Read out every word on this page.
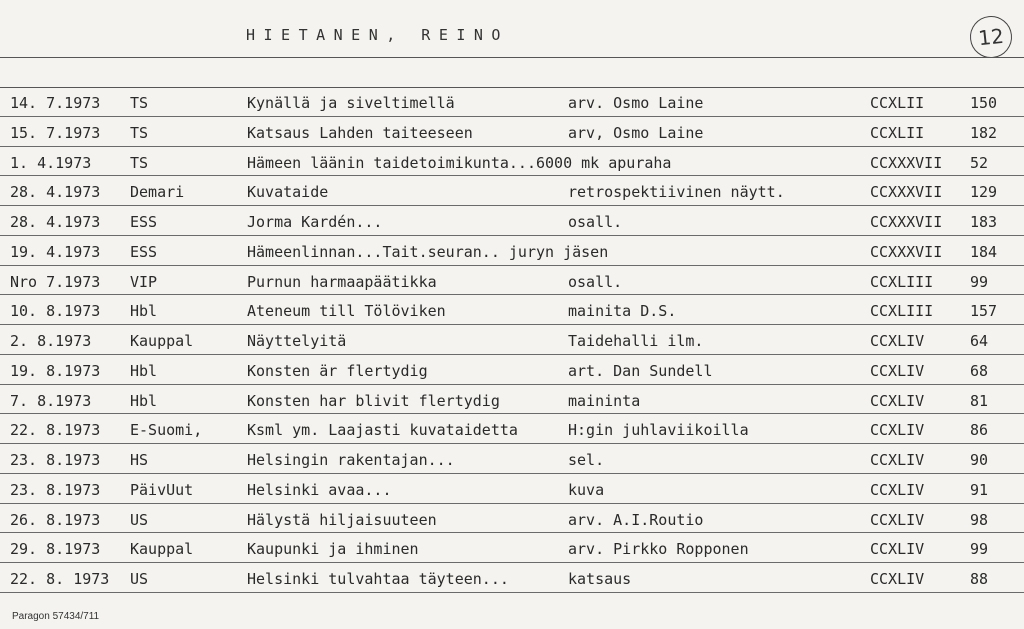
HIETANEN, REINO	12
14. 7.1973 TS	Kynällä ja siveltimellä	arv. Osmo Laine	CCXLII	150
15. 7.1973 TS	Katsaus Lahden taiteeseen	arv, Osmo Laine	CCXLII	182
1. 4.1973	TS	Hämeen läänin taidetoimikunta...6000 mk apuraha	CCXXXVII 52
28. 4.1973 Demari	Kuvataide	retrospektiivinen näytt.	CCXXXVII 129
28. 4.1973 ESS	Jorma Kardén...	osall.	CCXXXVII 183
19. 4.1973 ESS	Hämeenlinnan...Tait.seuran.. juryn jäsen	CCXXXVII 184
Nro 7.1973 VIP	Purnun harmaapäätikka	osall.	CCXLIII 99
10. 8.1973 Hbl	Ateneum till Tölöviken	mainita D.S.	CCXLIII 157
2. 8.1973	Kauppal	Näyttelyitä	Taidehalli ilm.	CCXLIV	64
19. 8.1973 Hbl	Konsten är flertydig	art. Dan Sundell	CCXLIV	68
7. 8.1973	Hbl	Konsten har blivit flertydig	maininta	CCXLIV	81
22. 8.1973 E-Suomi,	Ksml ym. Laajasti kuvataidetta	H:gin juhlaviikoilla	CCXLIV	86
23. 8.1973 HS	Helsingin rakentajan...	sel.	CCXLIV	90
23. 8.1973 PäivUut	Helsinki avaa...	kuva	CCXLIV	91
26. 8.1973 US	Hälystä hiljaisuuteen	arv. A.I.Routio	CCXLIV	98
29. 8.1973 Kauppal	Kaupunki ja ihminen	arv. Pirkko Ropponen	CCXLIV	99
22. 8. 1973 US	Helsinki tulvahtaa täyteen...	katsaus	CCXLIV	88
Paragon 57434/711
